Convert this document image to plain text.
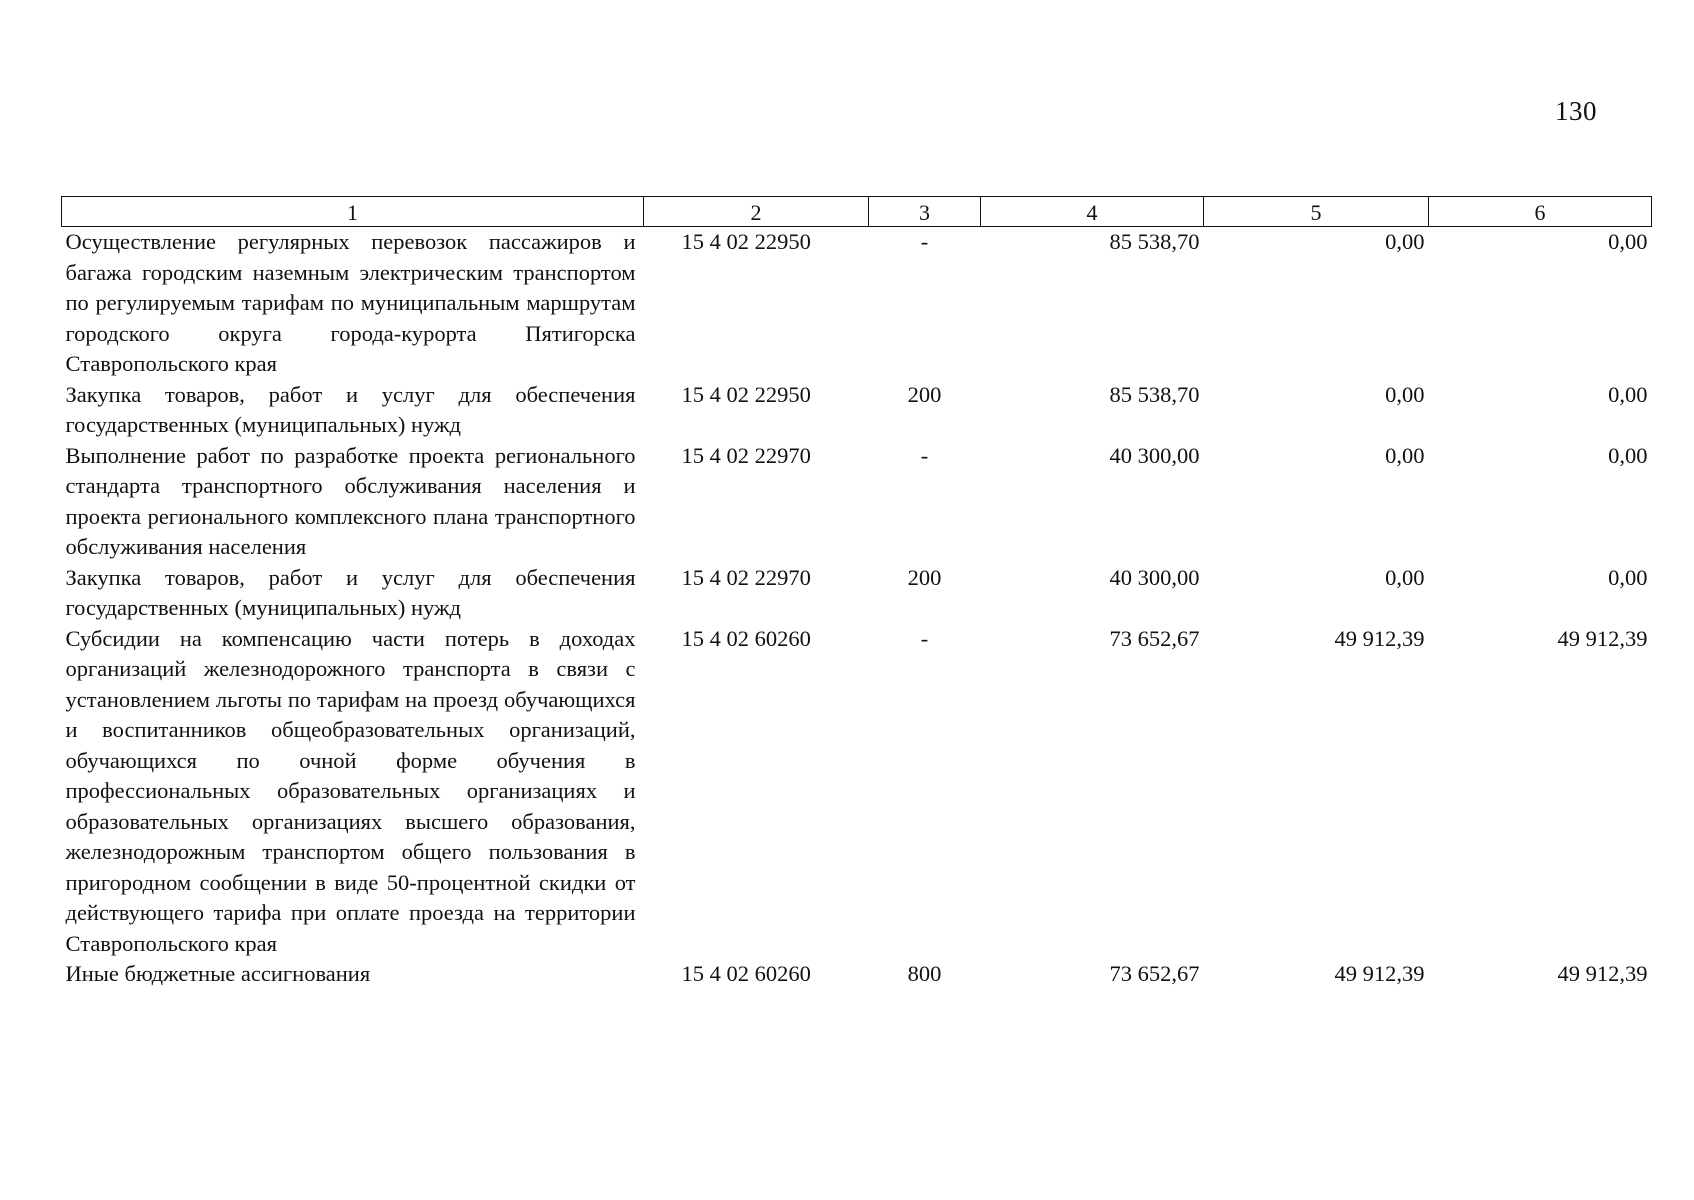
130
1	2	3	4	5	6
Осуществление регулярных перевозок пассажиров и багажа городским наземным электрическим транспортом по регулируемым тарифам по муниципальным маршрутам городского округа города-курорта Пятигорска Ставропольского края	15 4 02 22950	-	85 538,70	0,00	0,00
Закупка товаров, работ и услуг для обеспечения государственных (муниципальных) нужд	15 4 02 22950	200	85 538,70	0,00	0,00
Выполнение работ по разработке проекта регионального стандарта транспортного обслуживания населения и проекта регионального комплексного плана транспортного обслуживания населения	15 4 02 22970	-	40 300,00	0,00	0,00
Закупка товаров, работ и услуг для обеспечения государственных (муниципальных) нужд	15 4 02 22970	200	40 300,00	0,00	0,00
Субсидии на компенсацию части потерь в доходах организаций железнодорожного транспорта в связи с установлением льготы по тарифам на проезд обучающихся и воспитанников общеобразовательных организаций, обучающихся по очной форме обучения в профессиональных образовательных организациях и образовательных организациях высшего образования, железнодорожным транспортом общего пользования в пригородном сообщении в виде 50-процентной скидки от действующего тарифа при оплате проезда на территории Ставропольского края	15 4 02 60260	-	73 652,67	49 912,39	49 912,39
Иные бюджетные ассигнования	15 4 02 60260	800	73 652,67	49 912,39	49 912,39
